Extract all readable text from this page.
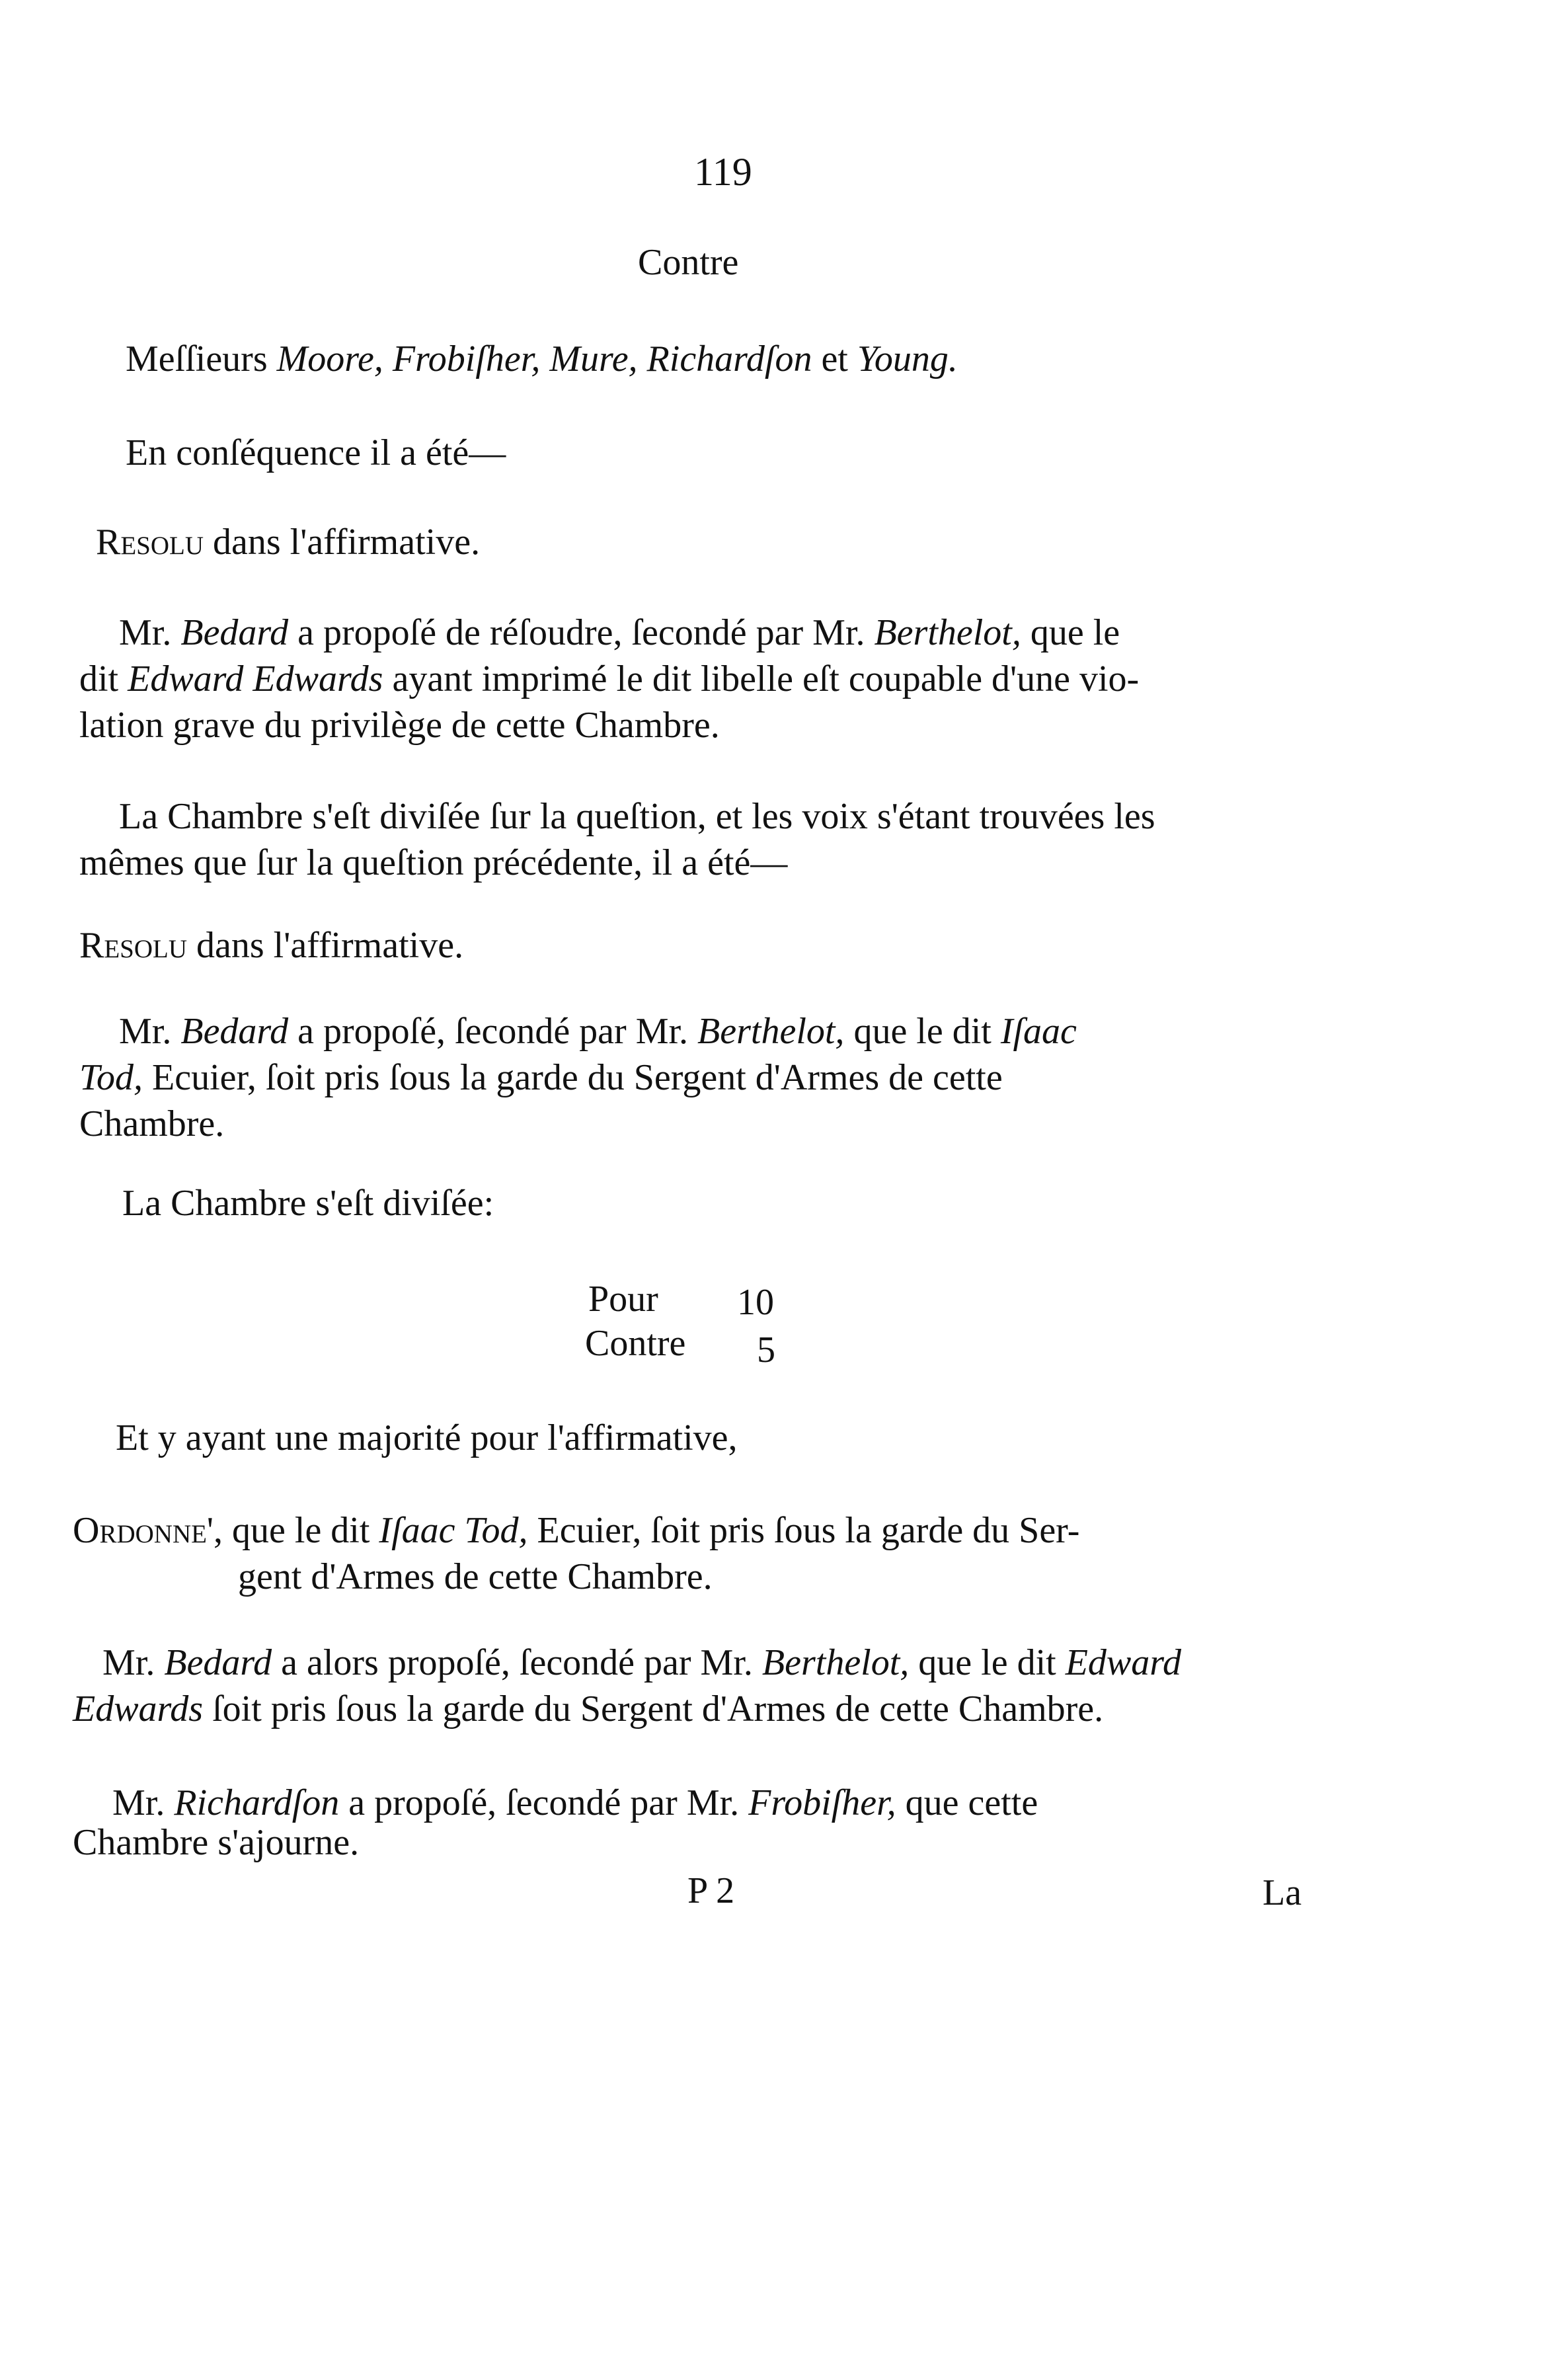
119
Contre
Meſſieurs Moore, Frobiſher, Mure, Richardſon et Young.
En conſéquence il a été—
Resolu dans l'affirmative.
Mr. Bedard a propoſé de réſoudre, ſecondé par Mr. Berthelot, que le
dit Edward Edwards ayant imprimé le dit libelle eſt coupable d'une vio-
lation grave du privilège de cette Chambre.
La Chambre s'eſt diviſée ſur la queſtion, et les voix s'étant trouvées les
mêmes que ſur la queſtion précédente, il a été—
Resolu dans l'affirmative.
Mr. Bedard a propoſé, ſecondé par Mr. Berthelot, que le dit Iſaac
Tod, Ecuier, ſoit pris ſous la garde du Sergent d'Armes de cette
Chambre.
La Chambre s'eſt diviſée:
Pour 10
Contre 5
Et y ayant une majorité pour l'affirmative,
Ordonne', que le dit Iſaac Tod, Ecuier, ſoit pris ſous la garde du Ser-
gent d'Armes de cette Chambre.
Mr. Bedard a alors propoſé, ſecondé par Mr. Berthelot, que le dit Edward
Edwards ſoit pris ſous la garde du Sergent d'Armes de cette Chambre.
Mr. Richardſon a propoſé, ſecondé par Mr. Frobiſher, que cette
Chambre s'ajourne.
P 2	La
